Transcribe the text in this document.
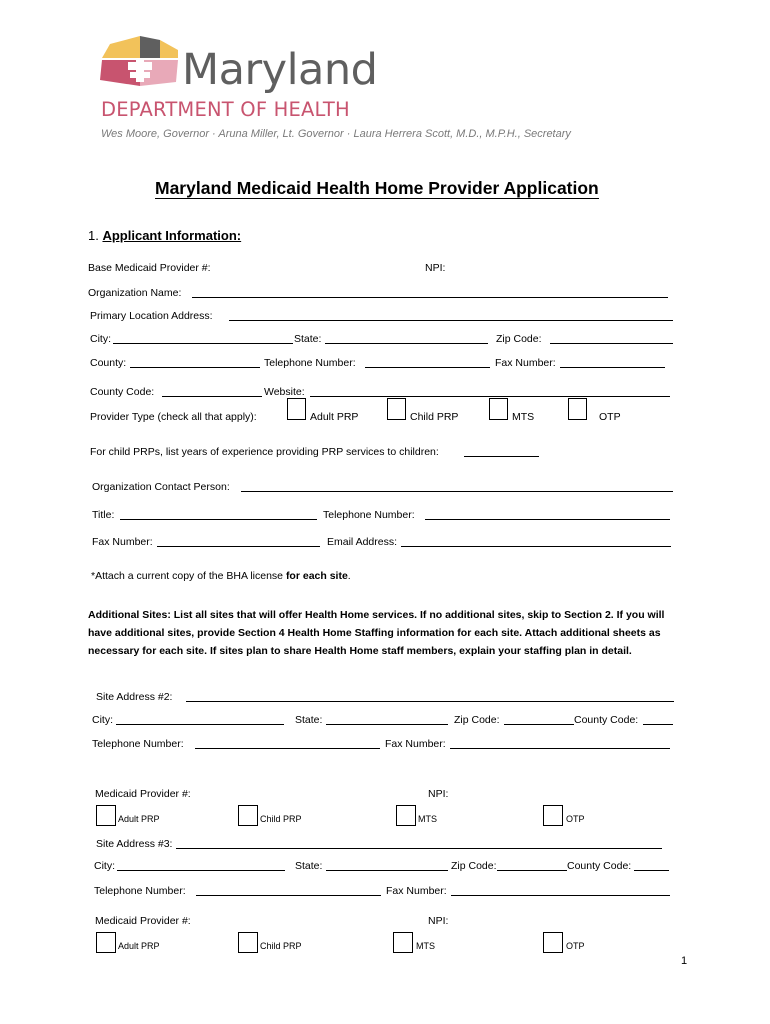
Maryland
DEPARTMENT OF HEALTH
Wes Moore, Governor · Aruna Miller, Lt. Governor · Laura Herrera Scott, M.D., M.P.H., Secretary
Maryland Medicaid Health Home Provider Application
1. Applicant Information:
Base Medicaid Provider #:	NPI:
Organization Name:
Primary Location Address:
City:	State:	Zip Code:
County:	Telephone Number:	Fax Number:
County Code:	Website:
Provider Type (check all that apply):	Adult PRP	Child PRP	MTS	OTP
For child PRPs, list years of experience providing PRP services to children:
Organization Contact Person:
Title:	Telephone Number:
Fax Number:	Email Address:
*Attach a current copy of the BHA license for each site.
Additional Sites: List all sites that will offer Health Home services. If no additional sites, skip to Section 2. If you will have additional sites, provide Section 4 Health Home Staffing information for each site. Attach additional sheets as necessary for each site. If sites plan to share Health Home staff members, explain your staffing plan in detail.
Site Address #2:
City:	State:	Zip Code:	County Code:
Telephone Number:	Fax Number:
Medicaid Provider #:	NPI:
Adult PRP	Child PRP	MTS	OTP
Site Address #3:
City:	State:	Zip Code:	County Code:
Telephone Number:	Fax Number:
Medicaid Provider #:	NPI:
Adult PRP	Child PRP	MTS	OTP
1
